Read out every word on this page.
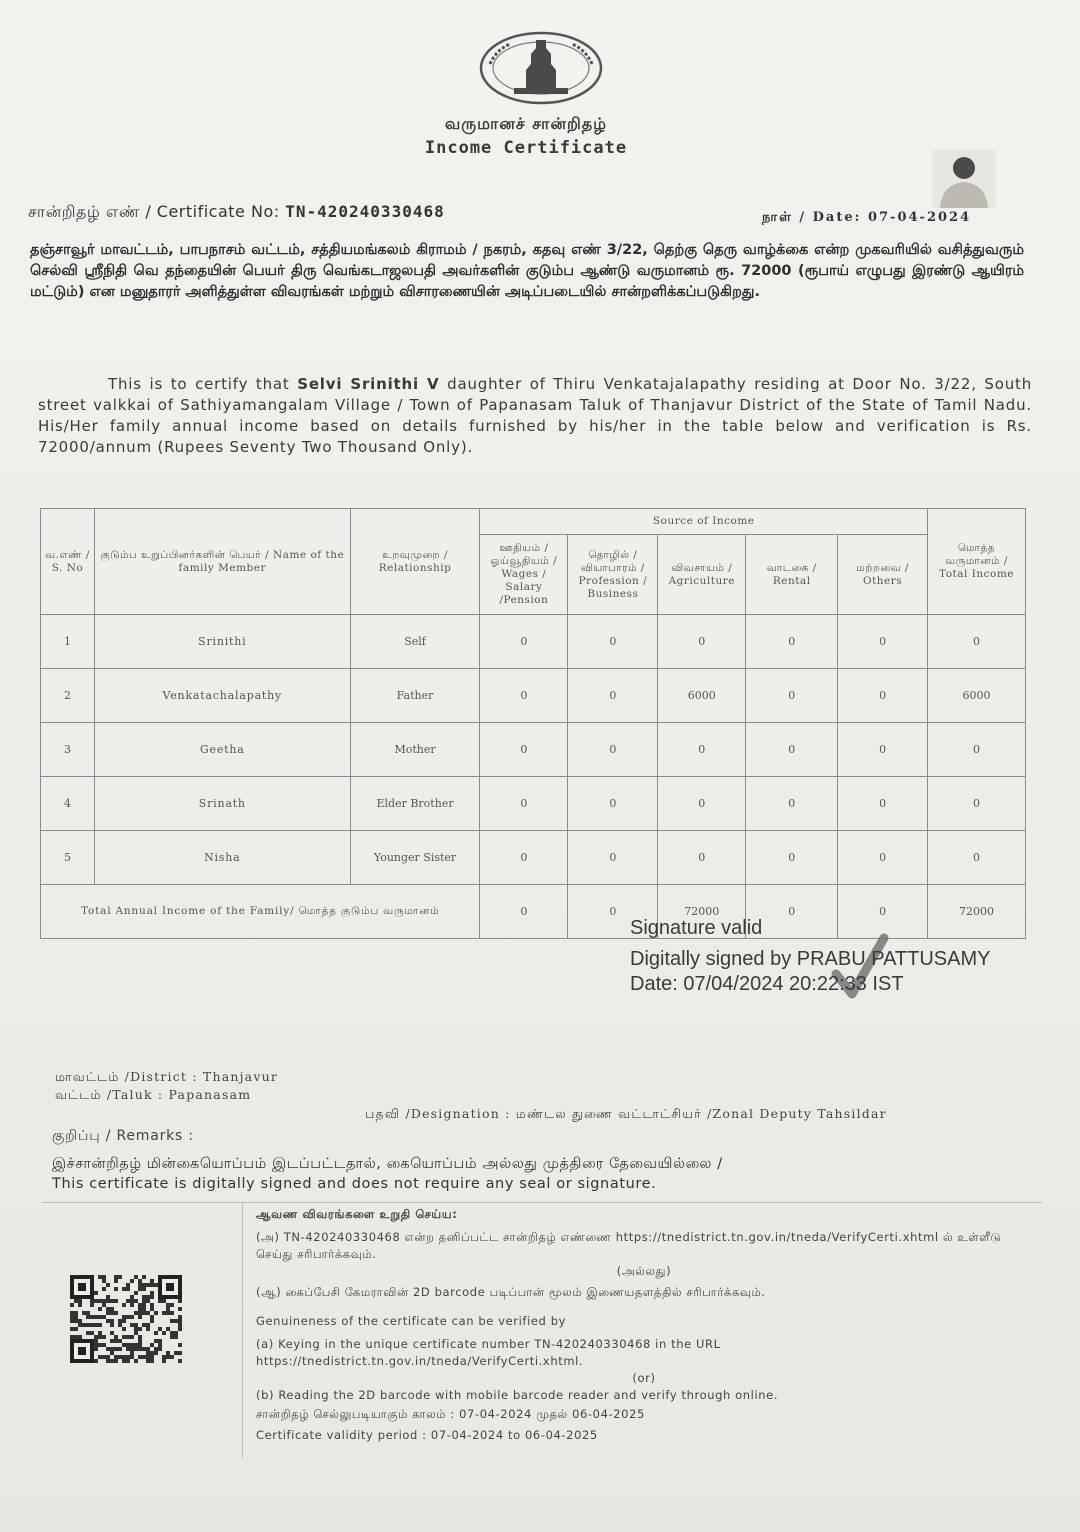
வருமானச் சான்றிதழ்
Income Certificate
சான்றிதழ் எண் / Certificate No: TN-420240330468	நாள் / Date: 07-04-2024
தஞ்சாவூர் மாவட்டம், பாபநாசம் வட்டம், சத்தியமங்கலம் கிராமம் / நகரம், கதவு எண் 3/22, தெற்கு தெரு வாழ்க்கை என்ற முகவரியில் வசித்துவரும் செல்வி ஸ்ரீநிதி வெ தந்தையின் பெயர் திரு வெங்கடாஜலபதி அவர்களின் குடும்ப ஆண்டு வருமானம் ரூ. 72000 (ரூபாய் எழுபது இரண்டு ஆயிரம் மட்டும்) என மனுதாரர் அளித்துள்ள விவரங்கள் மற்றும் விசாரணையின் அடிப்படையில் சான்றளிக்கப்படுகிறது.
This is to certify that Selvi Srinithi V daughter of Thiru Venkatajalapathy residing at Door No. 3/22, South street valkkai of Sathiyamangalam Village / Town of Papanasam Taluk of Thanjavur District of the State of Tamil Nadu. His/Her family annual income based on details furnished by his/her in the table below and verification is Rs. 72000/annum (Rupees Seventy Two Thousand Only).
வ.எண் / S. No	குடும்ப உறுப்பினர்களின் பெயர் / Name of the family Member	உறவுமுறை / Relationship	Source of Income					மொத்த வருமானம் / Total Income
			ஊதியம் / ஓய்வூதியம் / Wages / Salary /Pension	தொழில் / வியாபாரம் / Profession / Business	விவசாயம் / Agriculture	வாடகை / Rental	மற்றவை / Others	
1	Srinithi	Self	0	0	0	0	0	0
2	Venkatachalapathy	Father	0	0	6000	0	0	6000
3	Geetha	Mother	0	0	0	0	0	0
4	Srinath	Elder Brother	0	0	0	0	0	0
5	Nisha	Younger Sister	0	0	0	0	0	0
Total Annual Income of the Family/ மொத்த குடும்ப வருமானம்			0	0	72000	0	0	72000
Signature valid
Digitally signed by PRABU PATTUSAMY
Date: 07/04/2024 20:22:33 IST
மாவட்டம் /District : Thanjavur
வட்டம் /Taluk : Papanasam
பதவி /Designation : மண்டல துணை வட்டாட்சியர் /Zonal Deputy Tahsildar
குறிப்பு / Remarks :
இச்சான்றிதழ் மின்கையொப்பம் இடப்பட்டதால், கையொப்பம் அல்லது முத்திரை தேவையில்லை /
This certificate is digitally signed and does not require any seal or signature.

ஆவண விவரங்களை உறுதி செய்ய:

(அ) TN-420240330468 என்ற தனிப்பட்ட சான்றிதழ் எண்ணை https://tnedistrict.tn.gov.in/tneda/VerifyCerti.xhtml ல் உள்ளீடு செய்து சரிபார்க்கவும்.

(அல்லது)

(ஆ) கைப்பேசி கேமராவின் 2D barcode படிப்பான் மூலம் இணையதளத்தில் சரிபார்க்கவும்.

Genuineness of the certificate can be verified by

(a) Keying in the unique certificate number TN-420240330468 in the URL https://tnedistrict.tn.gov.in/tneda/VerifyCerti.xhtml.

(or)

(b) Reading the 2D barcode with mobile barcode reader and verify through online.

சான்றிதழ் செல்லுபடியாகும் காலம் : 07-04-2024 முதல் 06-04-2025

Certificate validity period : 07-04-2024 to 06-04-2025
